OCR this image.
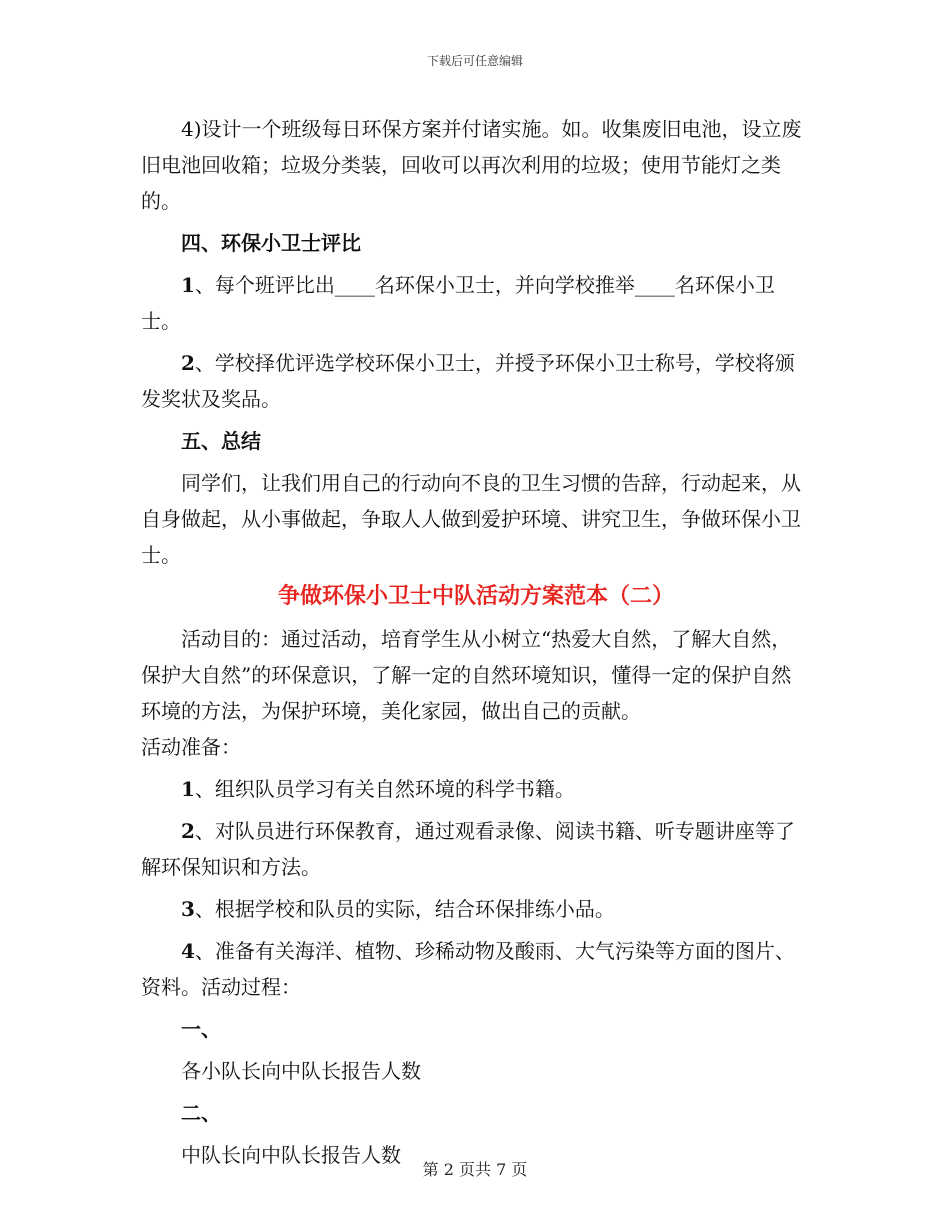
下载后可任意编辑

4)设计一个班级每日环保方案并付诸实施。如。收集废旧电池，设立废旧电池回收箱；垃圾分类装，回收可以再次利用的垃圾；使用节能灯之类的。

四、环保小卫士评比

1、每个班评比出____名环保小卫士，并向学校推举____名环保小卫士。

2、学校择优评选学校环保小卫士，并授予环保小卫士称号，学校将颁发奖状及奖品。

五、总结

同学们，让我们用自己的行动向不良的卫生习惯的告辞，行动起来，从自身做起，从小事做起，争取人人做到爱护环境、讲究卫生，争做环保小卫士。

争做环保小卫士中队活动方案范本（二）

活动目的：通过活动，培育学生从小树立“热爱大自然，了解大自然，保护大自然”的环保意识，了解一定的自然环境知识，懂得一定的保护自然环境的方法，为保护环境，美化家园，做出自己的贡献。

活动准备：

1、组织队员学习有关自然环境的科学书籍。

2、对队员进行环保教育，通过观看录像、阅读书籍、听专题讲座等了解环保知识和方法。

3、根据学校和队员的实际，结合环保排练小品。

4、准备有关海洋、植物、珍稀动物及酸雨、大气污染等方面的图片、资料。活动过程：

一、

各小队长向中队长报告人数

二、

中队长向中队长报告人数

第 2 页共 7 页
